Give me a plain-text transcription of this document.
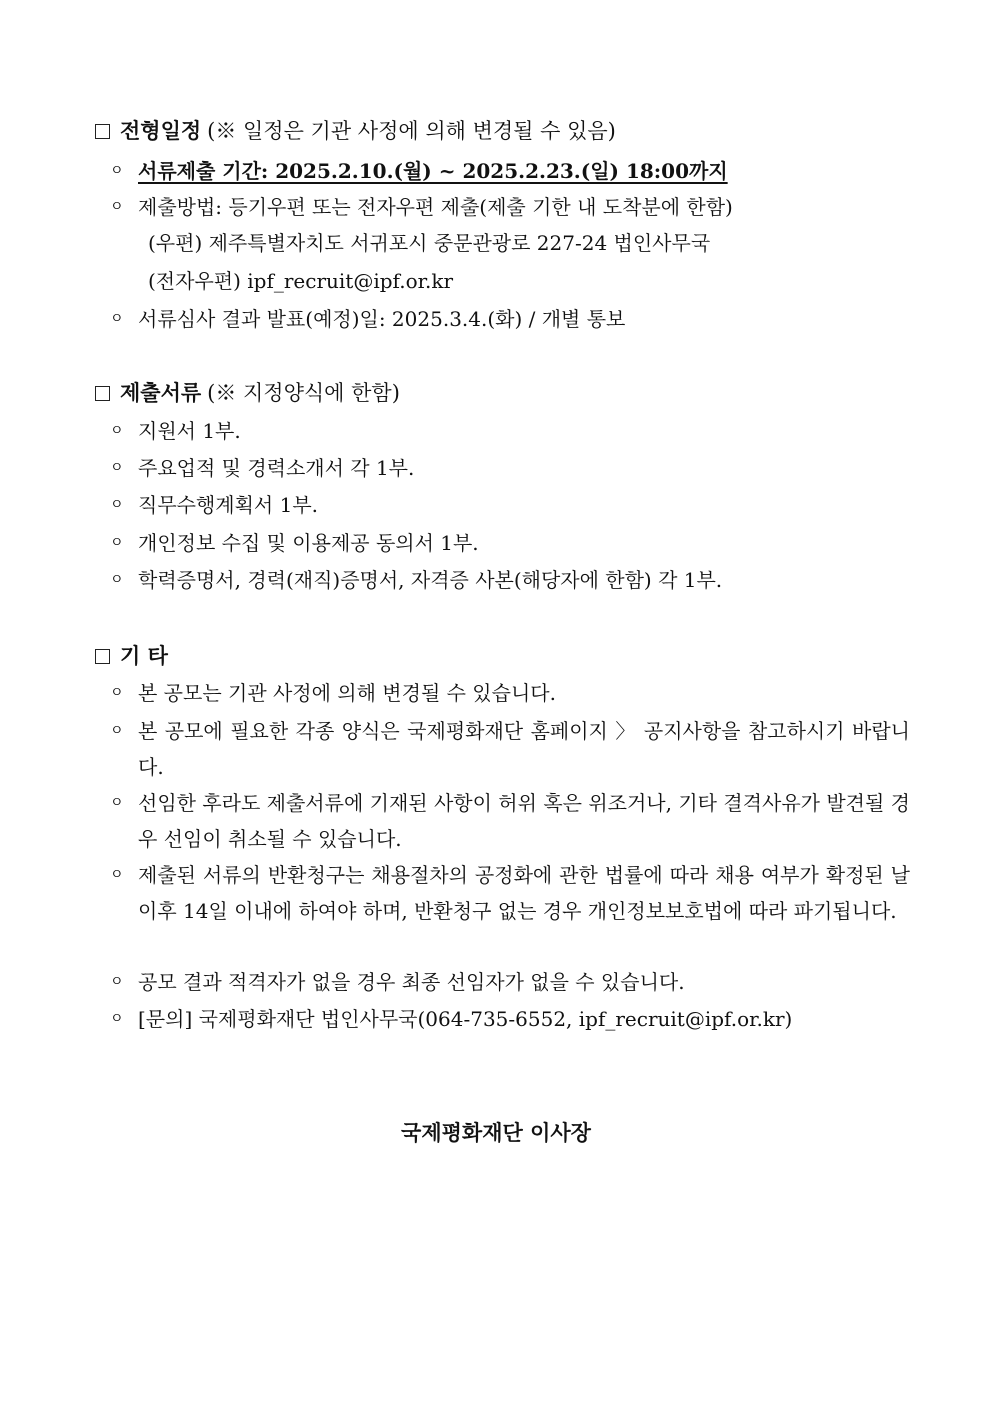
전형일정 (※ 일정은 기관 사정에 의해 변경될 수 있음)
ㅇ 서류제출 기간: 2025.2.10.(월) ~ 2025.2.23.(일) 18:00까지
ㅇ 제출방법: 등기우편 또는 전자우편 제출(제출 기한 내 도착분에 한함)
(우편) 제주특별자치도 서귀포시 중문관광로 227-24 법인사무국
(전자우편) ipf_recruit@ipf.or.kr
ㅇ 서류심사 결과 발표(예정)일: 2025.3.4.(화) / 개별 통보
제출서류 (※ 지정양식에 한함)
ㅇ 지원서 1부.
ㅇ 주요업적 및 경력소개서 각 1부.
ㅇ 직무수행계획서 1부.
ㅇ 개인정보 수집 및 이용제공 동의서 1부.
ㅇ 학력증명서, 경력(재직)증명서, 자격증 사본(해당자에 한함) 각 1부.
기 타
ㅇ 본 공모는 기관 사정에 의해 변경될 수 있습니다.
ㅇ 본 공모에 필요한 각종 양식은 국제평화재단 홈페이지 〉 공지사항을 참고하시기 바랍니다.
ㅇ 선임한 후라도 제출서류에 기재된 사항이 허위 혹은 위조거나, 기타 결격사유가 발견될 경우 선임이 취소될 수 있습니다.
ㅇ 제출된 서류의 반환청구는 채용절차의 공정화에 관한 법률에 따라 채용 여부가 확정된 날 이후 14일 이내에 하여야 하며, 반환청구 없는 경우 개인정보보호법에 따라 파기됩니다.
ㅇ 공모 결과 적격자가 없을 경우 최종 선임자가 없을 수 있습니다.
ㅇ [문의] 국제평화재단 법인사무국(064-735-6552, ipf_recruit@ipf.or.kr)
국제평화재단 이사장
